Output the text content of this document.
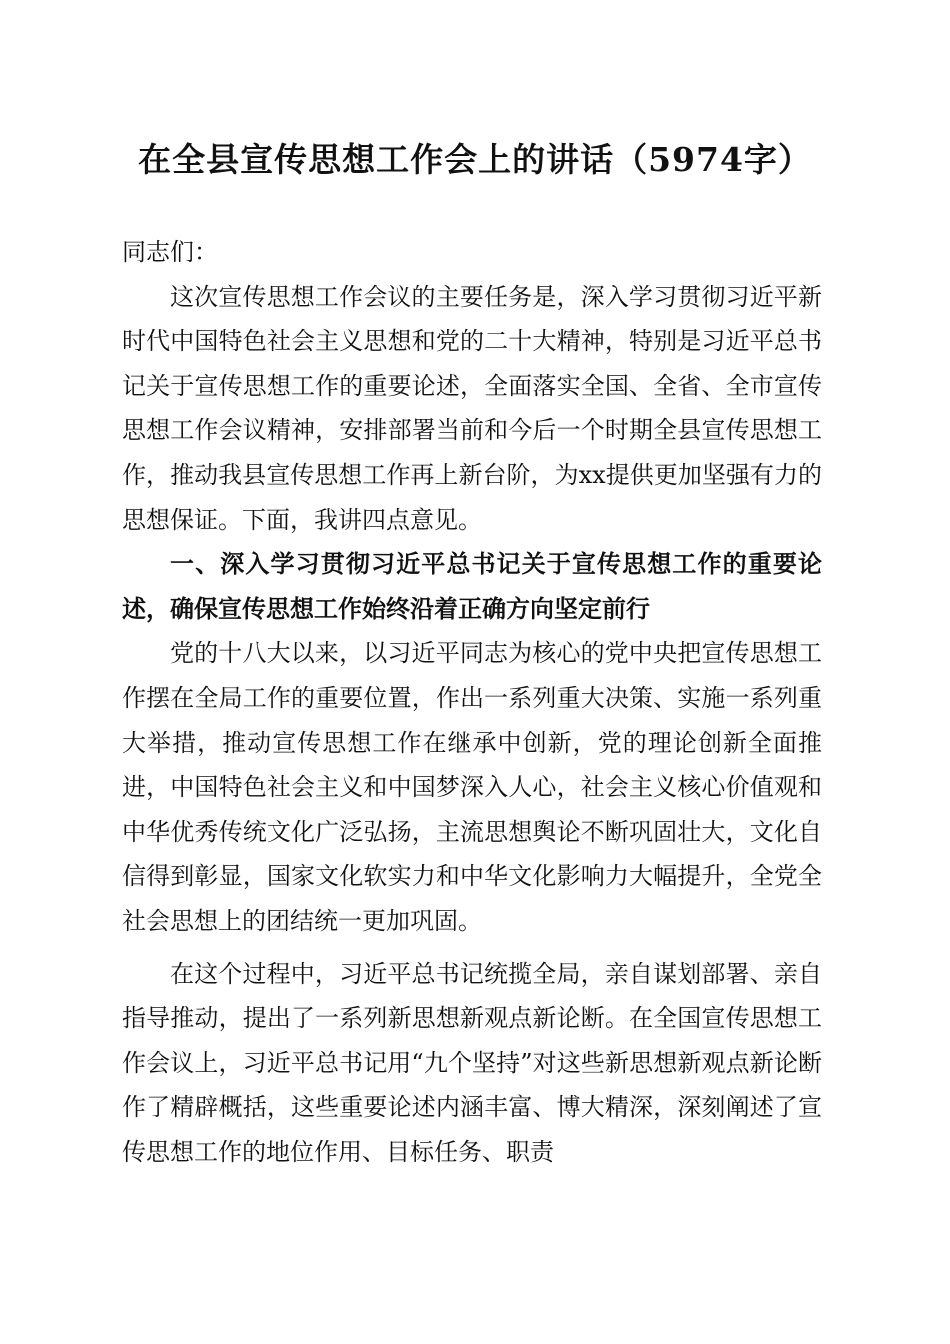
在全县宣传思想工作会上的讲话（5974字）

同志们：

这次宣传思想工作会议的主要任务是，深入学习贯彻习近平新时代中国特色社会主义思想和党的二十大精神，特别是习近平总书记关于宣传思想工作的重要论述，全面落实全国、全省、全市宣传思想工作会议精神，安排部署当前和今后一个时期全县宣传思想工作，推动我县宣传思想工作再上新台阶，为xx提供更加坚强有力的思想保证。下面，我讲四点意见。

一、深入学习贯彻习近平总书记关于宣传思想工作的重要论述，确保宣传思想工作始终沿着正确方向坚定前行

党的十八大以来，以习近平同志为核心的党中央把宣传思想工作摆在全局工作的重要位置，作出一系列重大决策、实施一系列重大举措，推动宣传思想工作在继承中创新，党的理论创新全面推进，中国特色社会主义和中国梦深入人心，社会主义核心价值观和中华优秀传统文化广泛弘扬，主流思想舆论不断巩固壮大，文化自信得到彰显，国家文化软实力和中华文化影响力大幅提升，全党全社会思想上的团结统一更加巩固。

在这个过程中，习近平总书记统揽全局，亲自谋划部署、亲自指导推动，提出了一系列新思想新观点新论断。在全国宣传思想工作会议上，习近平总书记用“九个坚持”对这些新思想新观点新论断作了精辟概括，这些重要论述内涵丰富、博大精深，深刻阐述了宣传思想工作的地位作用、目标任务、职责
